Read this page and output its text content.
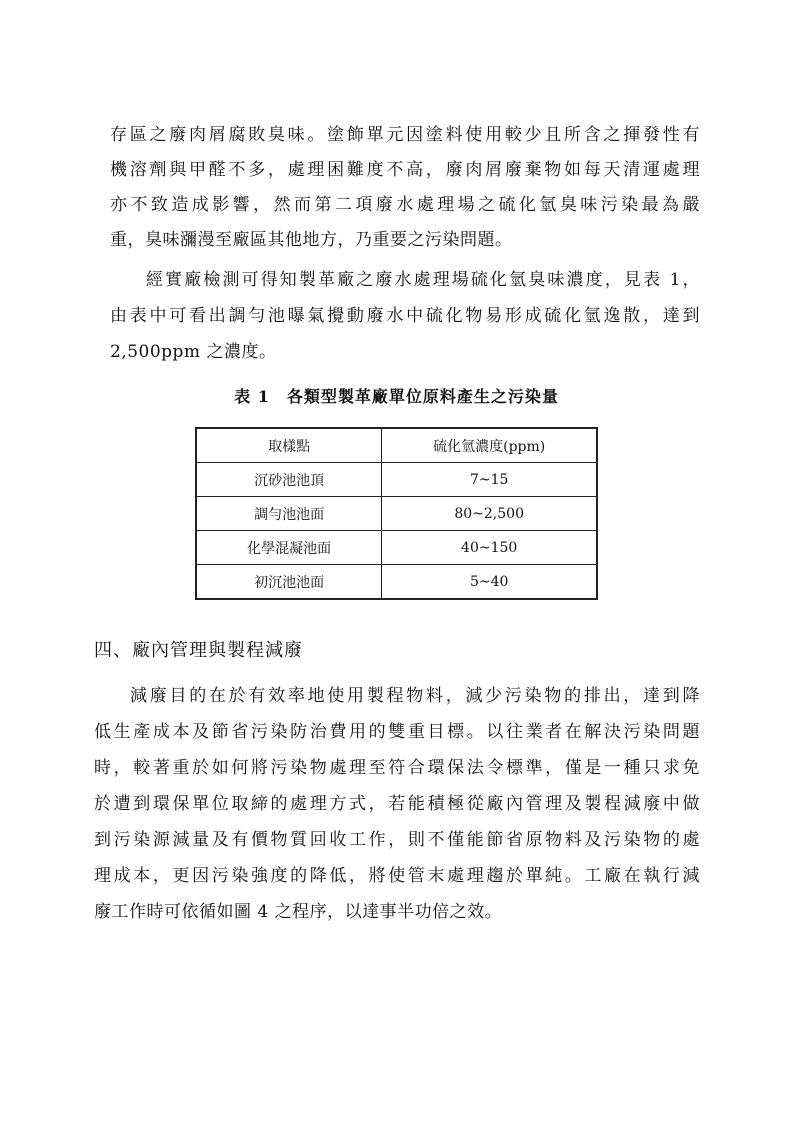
存區之廢肉屑腐敗臭味。塗飾單元因塗料使用較少且所含之揮發性有
機溶劑與甲醛不多，處理困難度不高，廢肉屑廢棄物如每天清運處理
亦不致造成影響，然而第二項廢水處理場之硫化氫臭味污染最為嚴
重，臭味瀰漫至廠區其他地方，乃重要之污染問題。
經實廠檢測可得知製革廠之廢水處理場硫化氫臭味濃度，見表 1，
由表中可看出調勻池曝氣攪動廢水中硫化物易形成硫化氫逸散，達到
2,500ppm 之濃度。
表 1　各類型製革廠單位原料產生之污染量
取樣點	硫化氫濃度(ppm)
沉砂池池頂	7~15
調勻池池面	80~2,500
化學混凝池面	40~150
初沉池池面	5~40
四、廠內管理與製程減廢
減廢目的在於有效率地使用製程物料，減少污染物的排出，達到降
低生產成本及節省污染防治費用的雙重目標。以往業者在解決污染問題
時，較著重於如何將污染物處理至符合環保法令標準，僅是一種只求免
於遭到環保單位取締的處理方式，若能積極從廠內管理及製程減廢中做
到污染源減量及有價物質回收工作，則不僅能節省原物料及污染物的處
理成本，更因污染強度的降低，將使管末處理趨於單純。工廠在執行減
廢工作時可依循如圖 4 之程序，以達事半功倍之效。
